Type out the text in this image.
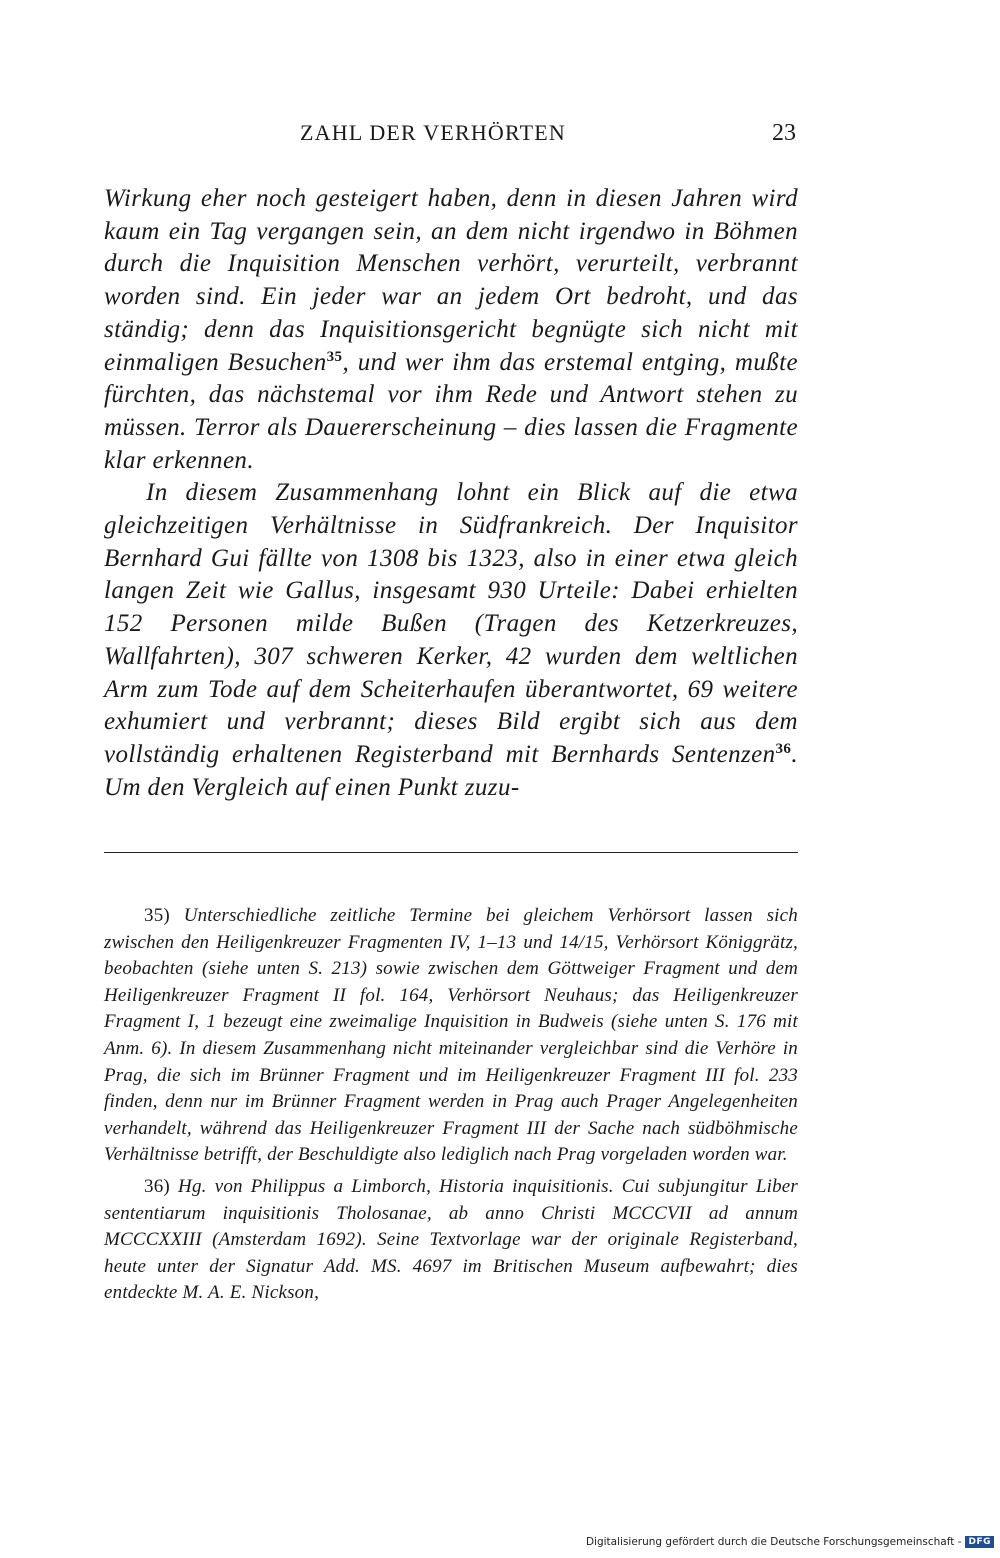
ZAHL DER VERHÖRTEN	23

Wirkung eher noch gesteigert haben, denn in diesen Jahren wird kaum ein Tag vergangen sein, an dem nicht irgendwo in Böhmen durch die Inquisition Menschen verhört, verurteilt, verbrannt worden sind. Ein jeder war an jedem Ort bedroht, und das ständig; denn das Inquisitionsgericht begnügte sich nicht mit einmaligen Besuchen$^{35}$, und wer ihm das erstemal entging, mußte fürchten, das nächstemal vor ihm Rede und Antwort stehen zu müssen. Terror als Dauererscheinung – dies lassen die Fragmente klar erkennen.

In diesem Zusammenhang lohnt ein Blick auf die etwa gleichzeitigen Verhältnisse in Südfrankreich. Der Inquisitor Bernhard Gui fällte von 1308 bis 1323, also in einer etwa gleich langen Zeit wie Gallus, insgesamt 930 Urteile: Dabei erhielten 152 Personen milde Bußen (Tragen des Ketzerkreuzes, Wallfahrten), 307 schweren Kerker, 42 wurden dem weltlichen Arm zum Tode auf dem Scheiterhaufen überantwortet, 69 weitere exhumiert und verbrannt; dieses Bild ergibt sich aus dem vollständig erhaltenen Registerband mit Bernhards Sentenzen$^{36}$. Um den Vergleich auf einen Punkt zuzu-

35) Unterschiedliche zeitliche Termine bei gleichem Verhörsort lassen sich zwischen den Heiligenkreuzer Fragmenten IV, 1–13 und 14/15, Verhörsort Königgrätz, beobachten (siehe unten S. 213) sowie zwischen dem Göttweiger Fragment und dem Heiligenkreuzer Fragment II fol. 164, Verhörsort Neuhaus; das Heiligenkreuzer Fragment I, 1 bezeugt eine zweimalige Inquisition in Budweis (siehe unten S. 176 mit Anm. 6). In diesem Zusammenhang nicht miteinander vergleichbar sind die Verhöre in Prag, die sich im Brünner Fragment und im Heiligenkreuzer Fragment III fol. 233 finden, denn nur im Brünner Fragment werden in Prag auch Prager Angelegenheiten verhandelt, während das Heiligenkreuzer Fragment III der Sache nach südböhmische Verhältnisse betrifft, der Beschuldigte also lediglich nach Prag vorgeladen worden war.

36) Hg. von Philippus a Limborch, Historia inquisitionis. Cui subjungitur Liber sententiarum inquisitionis Tholosanae, ab anno Christi MCCCVII ad annum MCCCXXIII (Amsterdam 1692). Seine Textvorlage war der originale Registerband, heute unter der Signatur Add. MS. 4697 im Britischen Museum aufbewahrt; dies entdeckte M. A. E. Nickson,

Digitalisierung gefördert durch die Deutsche Forschungsgemeinschaft - DFG
